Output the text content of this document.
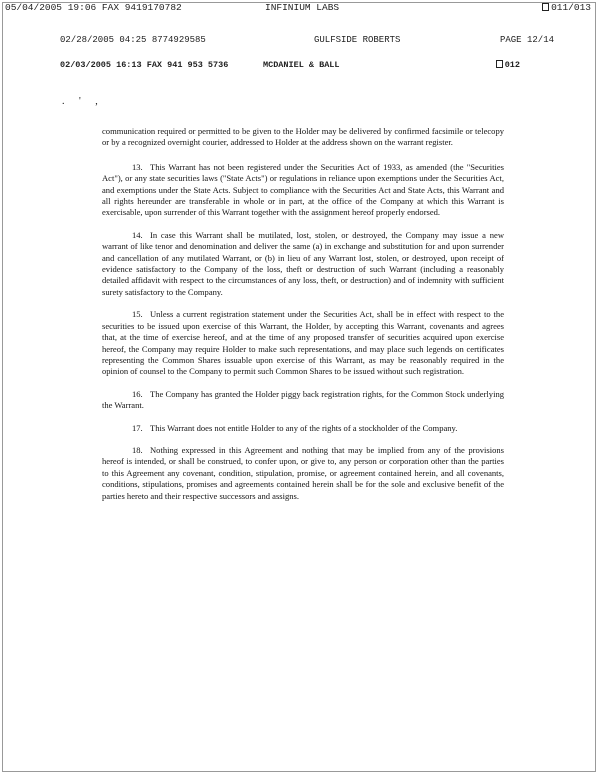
05/04/2005 19:06 FAX 9419170782	INFINIUM LABS	011/013
02/28/2005 04:25 8774929585	GULFSIDE ROBERTS	PAGE 12/14
02/03/2005 16:13 FAX 941 953 5736	MCDANIEL & BALL	012
. ' ,

communication required or permitted to be given to the Holder may be delivered by confirmed facsimile or telecopy or by a recognized overnight courier, addressed to Holder at the address shown on the warrant register.

13. This Warrant has not been registered under the Securities Act of 1933, as amended (the "Securities Act"), or any state securities laws ("State Acts") or regulations in reliance upon exemptions under the Securities Act, and exemptions under the State Acts. Subject to compliance with the Securities Act and State Acts, this Warrant and all rights hereunder are transferable in whole or in part, at the office of the Company at which this Warrant is exercisable, upon surrender of this Warrant together with the assignment hereof properly endorsed.

14. In case this Warrant shall be mutilated, lost, stolen, or destroyed, the Company may issue a new warrant of like tenor and denomination and deliver the same (a) in exchange and substitution for and upon surrender and cancellation of any mutilated Warrant, or (b) in lieu of any Warrant lost, stolen, or destroyed, upon receipt of evidence satisfactory to the Company of the loss, theft or destruction of such Warrant (including a reasonably detailed affidavit with respect to the circumstances of any loss, theft, or destruction) and of indemnity with sufficient surety satisfactory to the Company.

15. Unless a current registration statement under the Securities Act, shall be in effect with respect to the securities to be issued upon exercise of this Warrant, the Holder, by accepting this Warrant, covenants and agrees that, at the time of exercise hereof, and at the time of any proposed transfer of securities acquired upon exercise hereof, the Company may require Holder to make such representations, and may place such legends on certificates representing the Common Shares issuable upon exercise of this Warrant, as may be reasonably required in the opinion of counsel to the Company to permit such Common Shares to be issued without such registration.

16. The Company has granted the Holder piggy back registration rights, for the Common Stock underlying the Warrant.

17. This Warrant does not entitle Holder to any of the rights of a stockholder of the Company.

18. Nothing expressed in this Agreement and nothing that may be implied from any of the provisions hereof is intended, or shall be construed, to confer upon, or give to, any person or corporation other than the parties to this Agreement any covenant, condition, stipulation, promise, or agreement contained herein, and all covenants, conditions, stipulations, promises and agreements contained herein shall be for the sole and exclusive benefit of the parties hereto and their respective successors and assigns.
